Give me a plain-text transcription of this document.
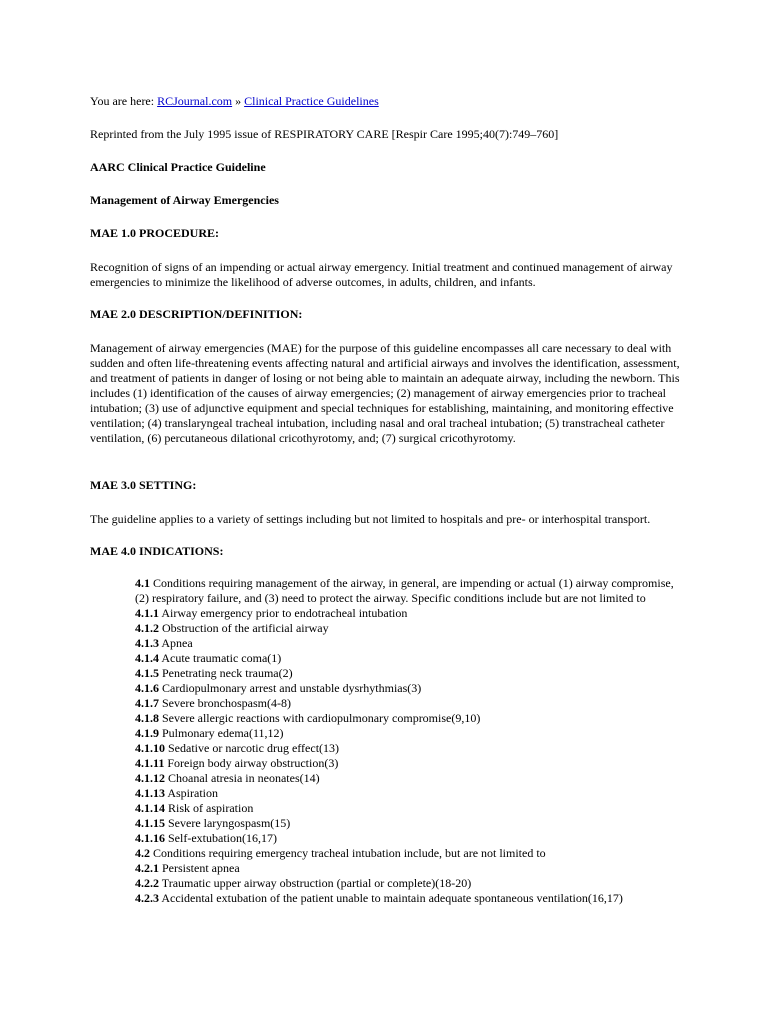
You are here: RCJournal.com » Clinical Practice Guidelines

Reprinted from the July 1995 issue of RESPIRATORY CARE [Respir Care 1995;40(7):749–760]

AARC Clinical Practice Guideline

Management of Airway Emergencies

MAE 1.0 PROCEDURE:

Recognition of signs of an impending or actual airway emergency. Initial treatment and continued management of airway emergencies to minimize the likelihood of adverse outcomes, in adults, children, and infants.

MAE 2.0 DESCRIPTION/DEFINITION:

Management of airway emergencies (MAE) for the purpose of this guideline encompasses all care necessary to deal with sudden and often life-threatening events affecting natural and artificial airways and involves the identification, assessment, and treatment of patients in danger of losing or not being able to maintain an adequate airway, including the newborn. This includes (1) identification of the causes of airway emergencies; (2) management of airway emergencies prior to tracheal intubation; (3) use of adjunctive equipment and special techniques for establishing, maintaining, and monitoring effective ventilation; (4) translaryngeal tracheal intubation, including nasal and oral tracheal intubation; (5) transtracheal catheter ventilation, (6) percutaneous dilational cricothyrotomy, and; (7) surgical cricothyrotomy.

MAE 3.0 SETTING:

The guideline applies to a variety of settings including but not limited to hospitals and pre- or interhospital transport.

MAE 4.0 INDICATIONS:

4.1 Conditions requiring management of the airway, in general, are impending or actual (1) airway compromise, (2) respiratory failure, and (3) need to protect the airway. Specific conditions include but are not limited to
4.1.1 Airway emergency prior to endotracheal intubation
4.1.2 Obstruction of the artificial airway
4.1.3 Apnea
4.1.4 Acute traumatic coma(1)
4.1.5 Penetrating neck trauma(2)
4.1.6 Cardiopulmonary arrest and unstable dysrhythmias(3)
4.1.7 Severe bronchospasm(4-8)
4.1.8 Severe allergic reactions with cardiopulmonary compromise(9,10)
4.1.9 Pulmonary edema(11,12)
4.1.10 Sedative or narcotic drug effect(13)
4.1.11 Foreign body airway obstruction(3)
4.1.12 Choanal atresia in neonates(14)
4.1.13 Aspiration
4.1.14 Risk of aspiration
4.1.15 Severe laryngospasm(15)
4.1.16 Self-extubation(16,17)
4.2 Conditions requiring emergency tracheal intubation include, but are not limited to
4.2.1 Persistent apnea
4.2.2 Traumatic upper airway obstruction (partial or complete)(18-20)
4.2.3 Accidental extubation of the patient unable to maintain adequate spontaneous ventilation(16,17)
